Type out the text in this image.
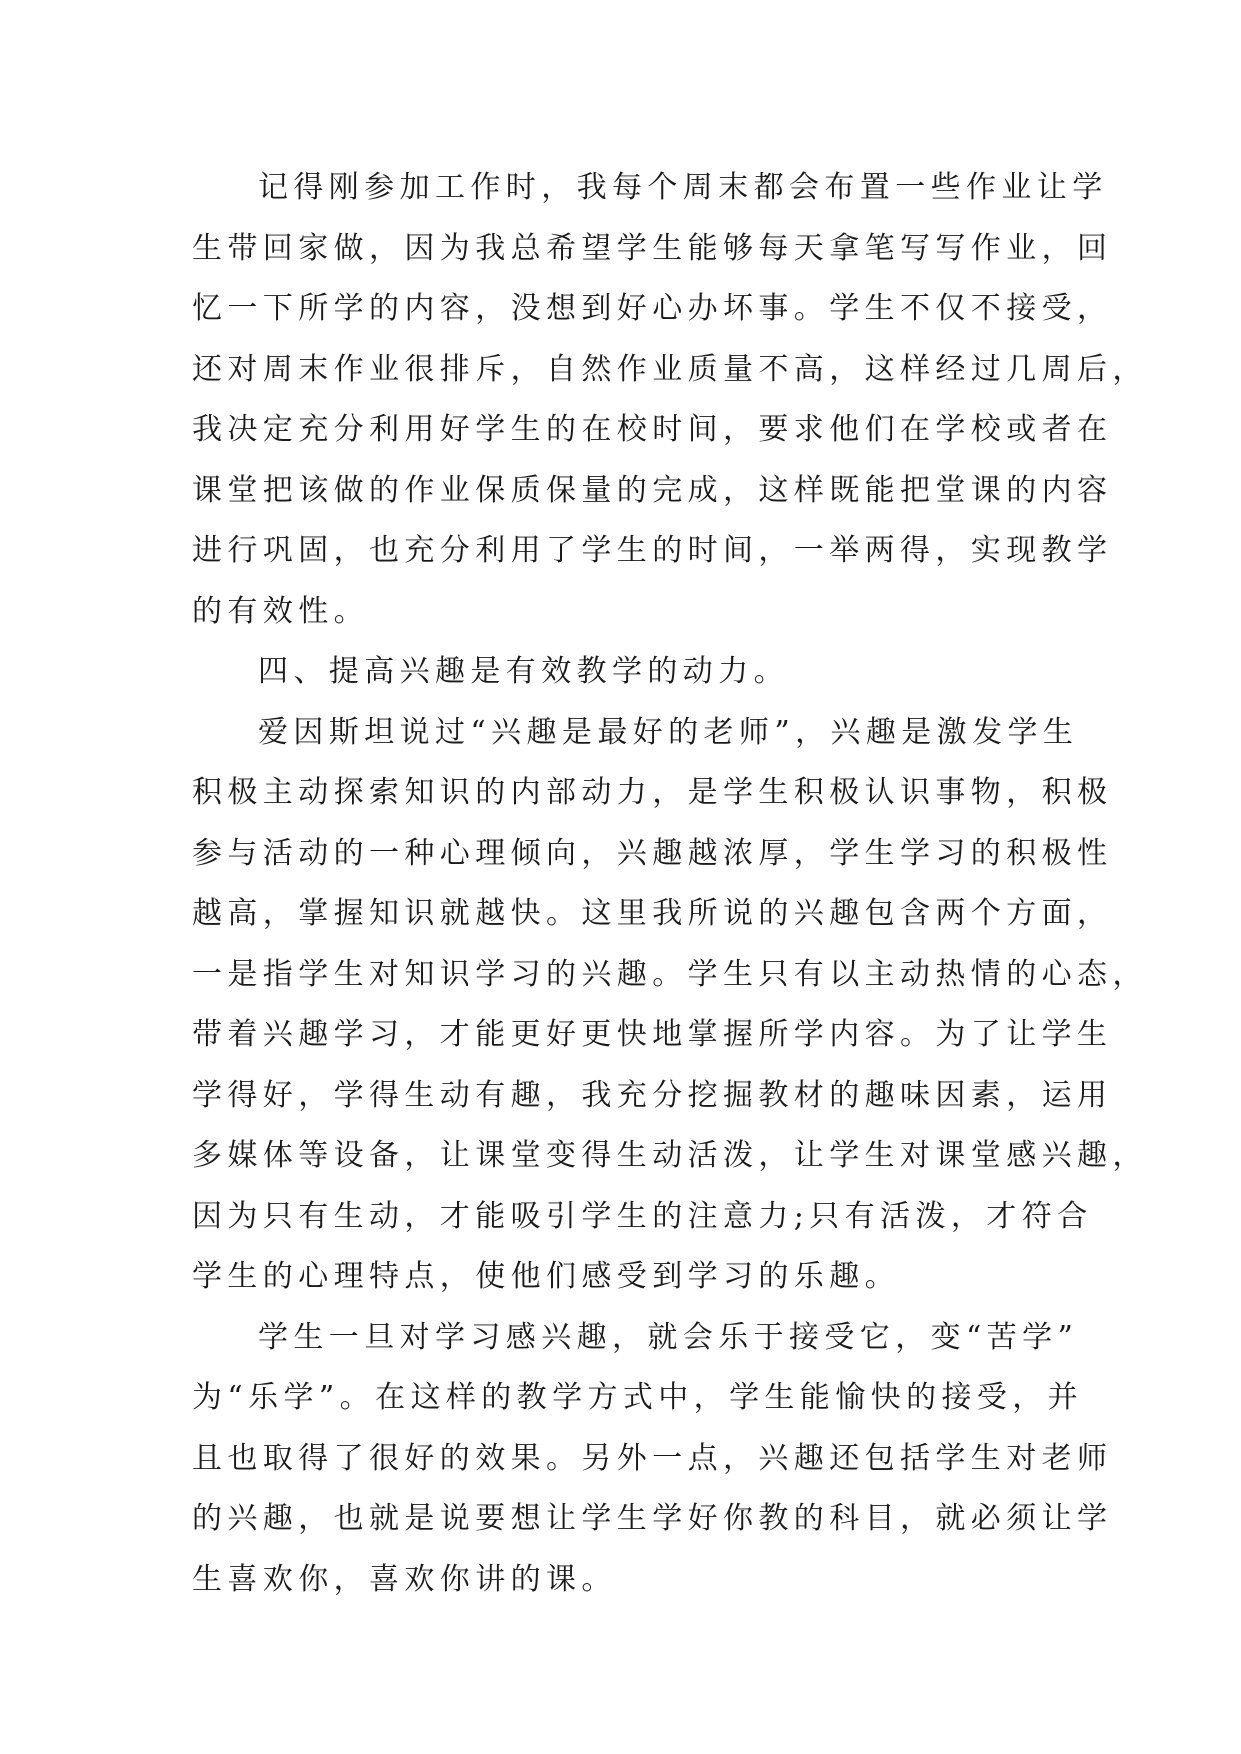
记得刚参加工作时，我每个周末都会布置一些作业让学
生带回家做，因为我总希望学生能够每天拿笔写写作业，回
忆一下所学的内容，没想到好心办坏事。学生不仅不接受，
还对周末作业很排斥，自然作业质量不高，这样经过几周后，
我决定充分利用好学生的在校时间，要求他们在学校或者在
课堂把该做的作业保质保量的完成，这样既能把堂课的内容
进行巩固，也充分利用了学生的时间，一举两得，实现教学
的有效性。
四、提高兴趣是有效教学的动力。
爱因斯坦说过“兴趣是最好的老师”，兴趣是激发学生
积极主动探索知识的内部动力，是学生积极认识事物，积极
参与活动的一种心理倾向，兴趣越浓厚，学生学习的积极性
越高，掌握知识就越快。这里我所说的兴趣包含两个方面，
一是指学生对知识学习的兴趣。学生只有以主动热情的心态，
带着兴趣学习，才能更好更快地掌握所学内容。为了让学生
学得好，学得生动有趣，我充分挖掘教材的趣味因素，运用
多媒体等设备，让课堂变得生动活泼，让学生对课堂感兴趣，
因为只有生动，才能吸引学生的注意力;只有活泼，才符合
学生的心理特点，使他们感受到学习的乐趣。
学生一旦对学习感兴趣，就会乐于接受它，变“苦学”
为“乐学”。在这样的教学方式中，学生能愉快的接受，并
且也取得了很好的效果。另外一点，兴趣还包括学生对老师
的兴趣，也就是说要想让学生学好你教的科目，就必须让学
生喜欢你，喜欢你讲的课。
